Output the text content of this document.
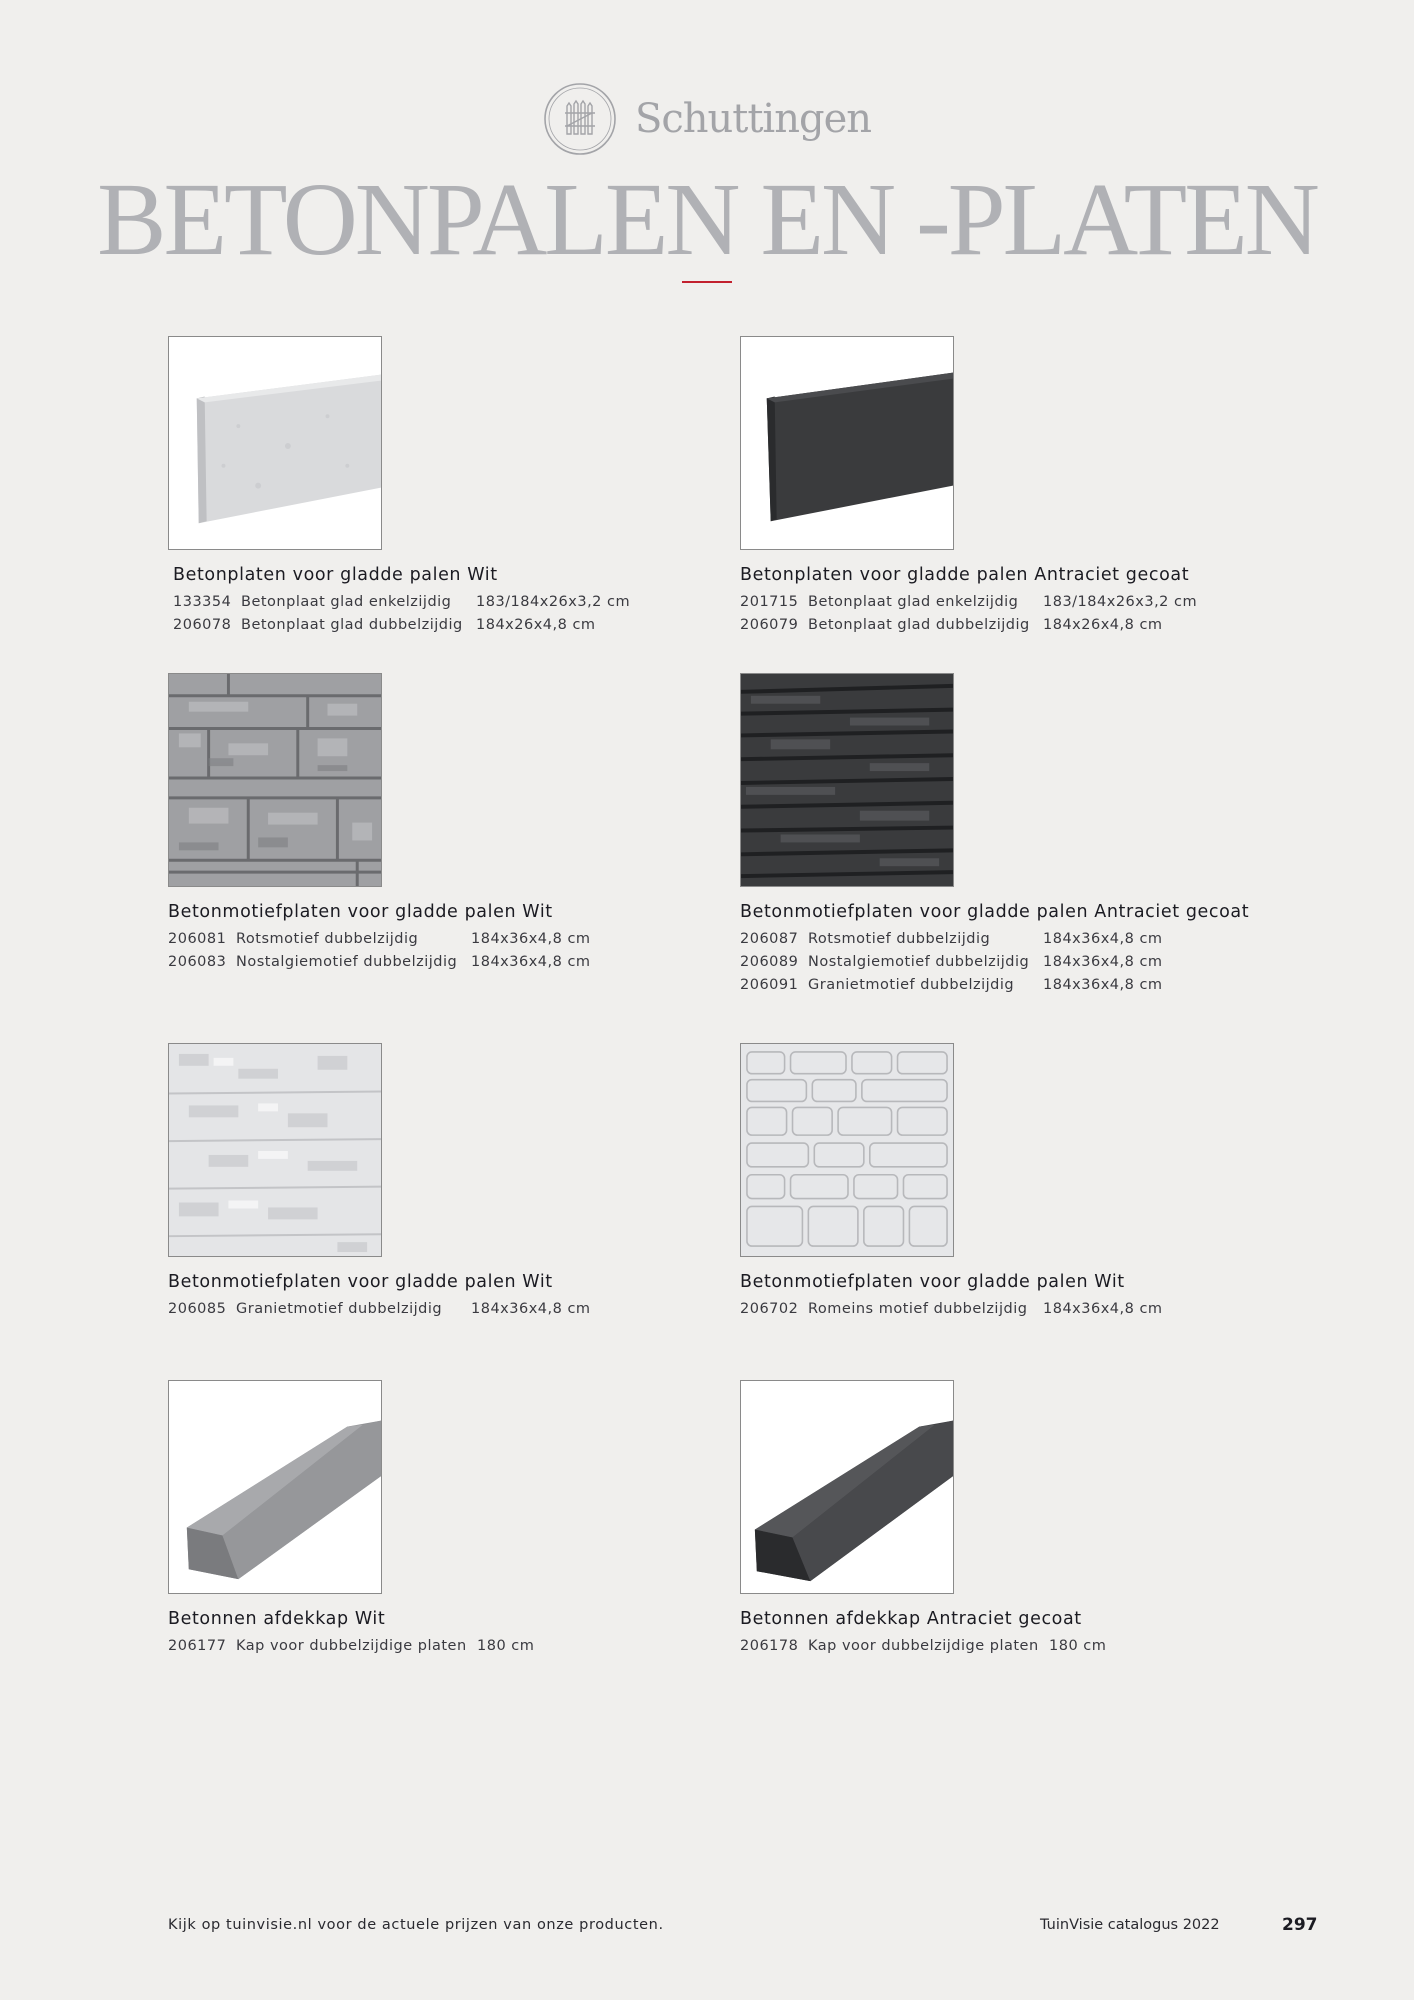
Schuttingen
BETONPALEN EN -PLATEN
Betonplaten voor gladde palen Wit
133354 Betonplaat glad enkelzijdig 183/184x26x3,2 cm
206078 Betonplaat glad dubbelzijdig 184x26x4,8 cm
Betonplaten voor gladde palen Antraciet gecoat
201715 Betonplaat glad enkelzijdig 183/184x26x3,2 cm
206079 Betonplaat glad dubbelzijdig 184x26x4,8 cm
Betonmotiefplaten voor gladde palen Wit
206081 Rotsmotief dubbelzijdig	184x36x4,8 cm
206083 Nostalgiemotief dubbelzijdig 184x36x4,8 cm
Betonmotiefplaten voor gladde palen Antraciet gecoat
206087 Rotsmotief dubbelzijdig	184x36x4,8 cm
206089 Nostalgiemotief dubbelzijdig 184x36x4,8 cm
206091 Granietmotief dubbelzijdig 184x36x4,8 cm
Betonmotiefplaten voor gladde palen Wit
206085 Granietmotief dubbelzijdig 184x36x4,8 cm
Betonmotiefplaten voor gladde palen Wit
206702 Romeins motief dubbelzijdig 184x36x4,8 cm
Betonnen afdekkap Wit
206177 Kap voor dubbelzijdige platen 180 cm
Betonnen afdekkap Antraciet gecoat
206178 Kap voor dubbelzijdige platen 180 cm
Kijk op tuinvisie.nl voor de actuele prijzen van onze producten.	TuinVisie catalogus 2022	297
